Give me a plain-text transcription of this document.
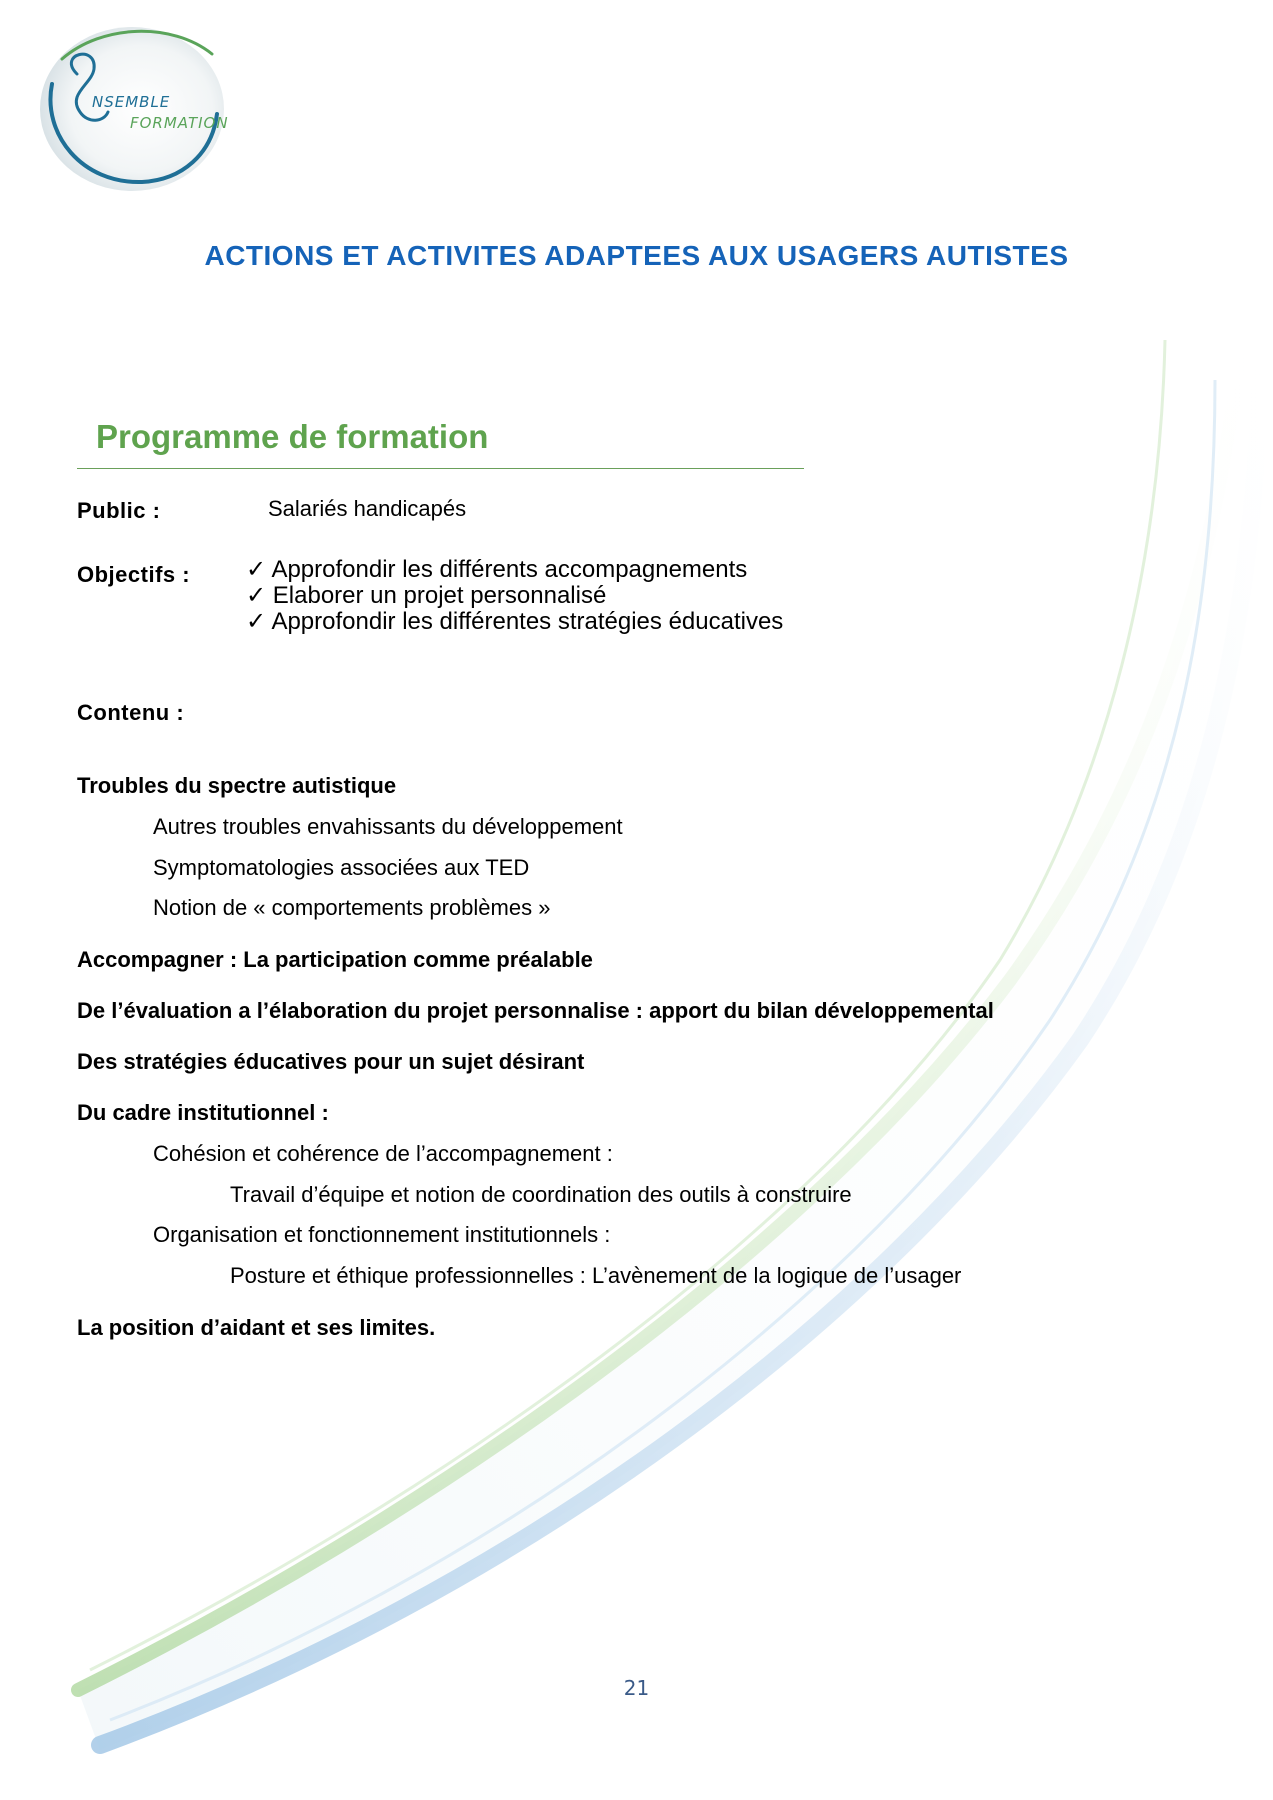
NSEMBLE
FORMATION
ACTIONS ET ACTIVITES ADAPTEES AUX USAGERS AUTISTES
Programme de formation
Public :	Salariés handicapés
Objectifs : ✓ Approfondir les différents accompagnements
✓ Elaborer un projet personnalisé
✓ Approfondir les différentes stratégies éducatives
Contenu :
Troubles du spectre autistique
Autres troubles envahissants du développement
Symptomatologies associées aux TED
Notion de « comportements problèmes »
Accompagner : La participation comme préalable
De l’évaluation a l’élaboration du projet personnalise : apport du bilan développemental
Des stratégies éducatives pour un sujet désirant
Du cadre institutionnel :
Cohésion et cohérence de l’accompagnement :
Travail d’équipe et notion de coordination des outils à construire
Organisation et fonctionnement institutionnels :
Posture et éthique professionnelles : L’avènement de la logique de l’usager
La position d’aidant et ses limites.
21
